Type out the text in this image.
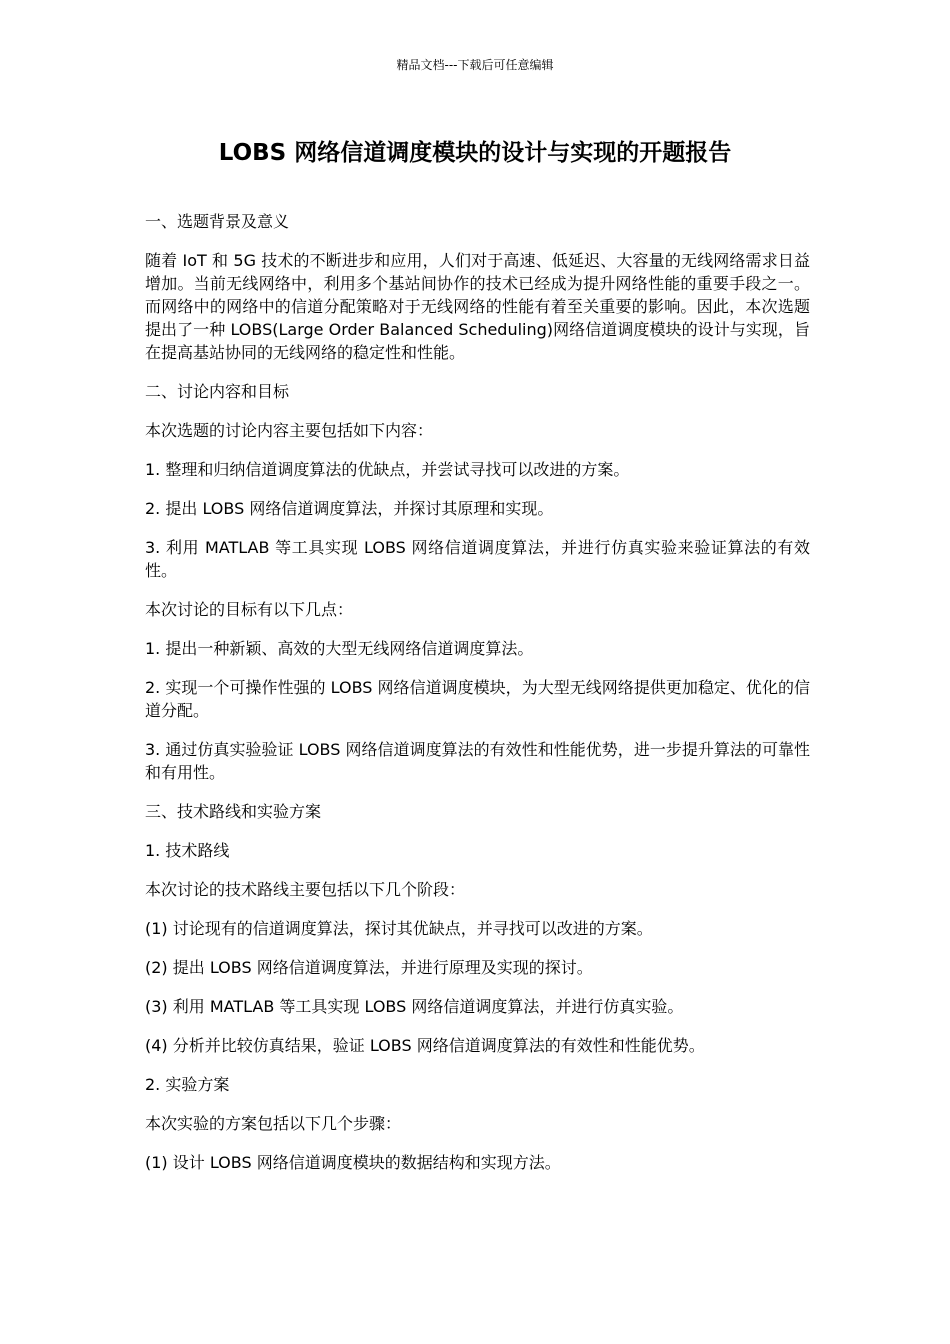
精品文档---下载后可任意编辑
LOBS 网络信道调度模块的设计与实现的开题报告

一、选题背景及意义

随着 IoT 和 5G 技术的不断进步和应用，人们对于高速、低延迟、大容量的无线网络需求日益增加。当前无线网络中，利用多个基站间协作的技术已经成为提升网络性能的重要手段之一。而网络中的网络中的信道分配策略对于无线网络的性能有着至关重要的影响。因此，本次选题提出了一种 LOBS(Large Order Balanced Scheduling)网络信道调度模块的设计与实现，旨在提高基站协同的无线网络的稳定性和性能。

二、讨论内容和目标

本次选题的讨论内容主要包括如下内容：

1. 整理和归纳信道调度算法的优缺点，并尝试寻找可以改进的方案。

2. 提出 LOBS 网络信道调度算法，并探讨其原理和实现。

3. 利用 MATLAB 等工具实现 LOBS 网络信道调度算法，并进行仿真实验来验证算法的有效性。

本次讨论的目标有以下几点：

1. 提出一种新颖、高效的大型无线网络信道调度算法。

2. 实现一个可操作性强的 LOBS 网络信道调度模块，为大型无线网络提供更加稳定、优化的信道分配。

3. 通过仿真实验验证 LOBS 网络信道调度算法的有效性和性能优势，进一步提升算法的可靠性和有用性。

三、技术路线和实验方案

1. 技术路线

本次讨论的技术路线主要包括以下几个阶段：

(1) 讨论现有的信道调度算法，探讨其优缺点，并寻找可以改进的方案。

(2) 提出 LOBS 网络信道调度算法，并进行原理及实现的探讨。

(3) 利用 MATLAB 等工具实现 LOBS 网络信道调度算法，并进行仿真实验。

(4) 分析并比较仿真结果，验证 LOBS 网络信道调度算法的有效性和性能优势。

2. 实验方案

本次实验的方案包括以下几个步骤：

(1) 设计 LOBS 网络信道调度模块的数据结构和实现方法。
